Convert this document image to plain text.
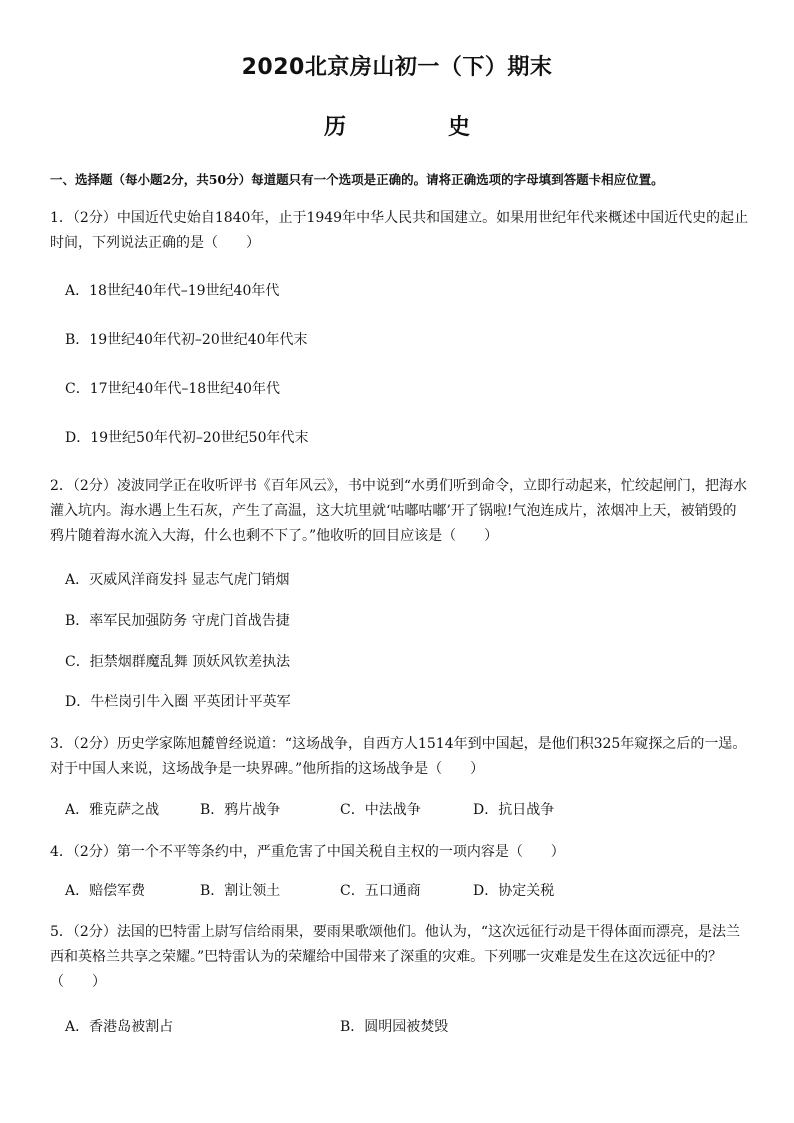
2020北京房山初一（下）期末
历　史
一、选择题（每小题2分，共50分）每道题只有一个选项是正确的。请将正确选项的字母填到答题卡相应位置。
1．（2分）中国近代史始自1840年，止于1949年中华人民共和国建立。如果用世纪年代来概述中国近代史的起止时间，下列说法正确的是（　　）
A．18世纪40年代–19世纪40年代
B．19世纪40年代初–20世纪40年代末
C．17世纪40年代–18世纪40年代
D．19世纪50年代初–20世纪50年代末
2．（2分）凌波同学正在收听评书《百年风云》，书中说到“水勇们听到命令，立即行动起来，忙绞起闸门，把海水灌入坑内。海水遇上生石灰，产生了高温，这大坑里就‘咕嘟咕嘟’开了锅啦!气泡连成片，浓烟冲上天，被销毁的鸦片随着海水流入大海，什么也剩不下了。”他收听的回目应该是（　　）
A．灭威风洋商发抖 显志气虎门销烟
B．率军民加强防务 守虎门首战告捷
C．拒禁烟群魔乱舞 顶妖风钦差执法
D．牛栏岗引牛入圈 平英团计平英军
3．（2分）历史学家陈旭麓曾经说道：“这场战争，自西方人1514年到中国起，是他们积325年窥探之后的一逞。对于中国人来说，这场战争是一块界碑。”他所指的这场战争是（　　）
A．雅克萨之战	B．鸦片战争	C．中法战争	D．抗日战争
4．（2分）第一个不平等条约中，严重危害了中国关税自主权的一项内容是（　　）
A．赔偿军费	B．割让领土	C．五口通商	D．协定关税
5．（2分）法国的巴特雷上尉写信给雨果，要雨果歌颂他们。他认为，“这次远征行动是干得体面而漂亮，是法兰西和英格兰共享之荣耀。”巴特雷认为的荣耀给中国带来了深重的灾难。下列哪一灾难是发生在这次远征中的？（　　）
A．香港岛被割占	B．圆明园被焚毁
